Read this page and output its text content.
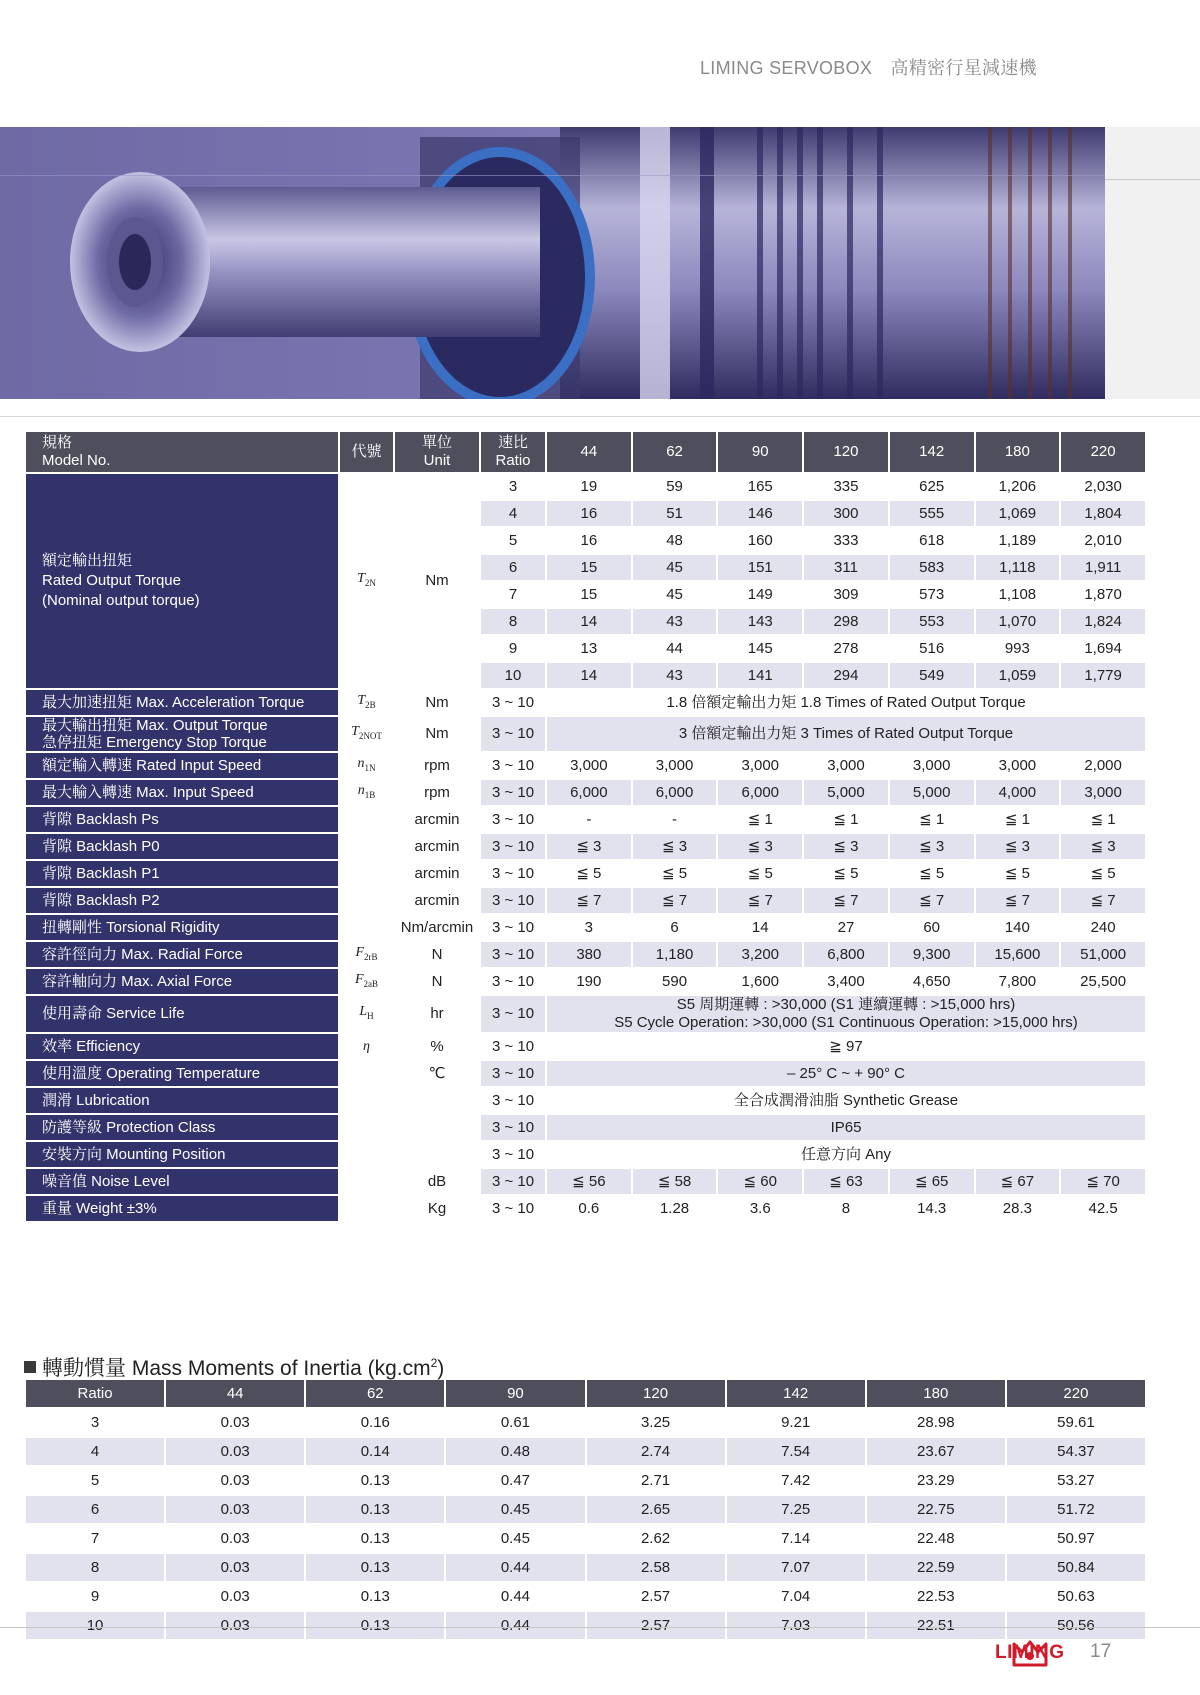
LIMING SERVOBOX　高精密行星減速機
規格
Model No.	代號	單位
Unit	速比
Ratio	44	62	90	120	142	180	220
額定輸出扭矩
Rated Output Torque
(Nominal output torque)	$T_{2N}$	Nm	3	19	59	165	335	625	1,206	2,030
			4	16	51	146	300	555	1,069	1,804
			5	16	48	160	333	618	1,189	2,010
			6	15	45	151	311	583	1,118	1,911
			7	15	45	149	309	573	1,108	1,870
			8	14	43	143	298	553	1,070	1,824
			9	13	44	145	278	516	993	1,694
			10	14	43	141	294	549	1,059	1,779
最大加速扭矩 Max. Acceleration Torque	$T_{2B}$	Nm	3 ~ 10	1.8 倍額定輸出力矩 1.8 Times of Rated Output Torque						
最大輸出扭矩 Max. Output Torque
急停扭矩 Emergency Stop Torque	$T_{2NOT}$	Nm	3 ~ 10	3 倍額定輸出力矩 3 Times of Rated Output Torque						
額定輸入轉速 Rated Input Speed	$n_{1N}$	rpm	3 ~ 10	3,000	3,000	3,000	3,000	3,000	3,000	2,000
最大輸入轉速 Max. Input Speed	$n_{1B}$	rpm	3 ~ 10	6,000	6,000	6,000	5,000	5,000	4,000	3,000
背隙 Backlash Ps		arcmin	3 ~ 10	-	-	≦ 1	≦ 1	≦ 1	≦ 1	≦ 1
背隙 Backlash P0		arcmin	3 ~ 10	≦ 3	≦ 3	≦ 3	≦ 3	≦ 3	≦ 3	≦ 3
背隙 Backlash P1		arcmin	3 ~ 10	≦ 5	≦ 5	≦ 5	≦ 5	≦ 5	≦ 5	≦ 5
背隙 Backlash P2		arcmin	3 ~ 10	≦ 7	≦ 7	≦ 7	≦ 7	≦ 7	≦ 7	≦ 7
扭轉剛性 Torsional Rigidity		Nm/arcmin	3 ~ 10	3	6	14	27	60	140	240
容許徑向力 Max. Radial Force	$F_{2rB}$	N	3 ~ 10	380	1,180	3,200	6,800	9,300	15,600	51,000
容許軸向力 Max. Axial Force	$F_{2aB}$	N	3 ~ 10	190	590	1,600	3,400	4,650	7,800	25,500
使用壽命 Service Life	$L_H$	hr	3 ~ 10	S5 周期運轉 : >30,000 (S1 連續運轉 : >15,000 hrs)
S5 Cycle Operation: >30,000 (S1 Continuous Operation: >15,000 hrs)						
效率 Efficiency	η	%	3 ~ 10	≧ 97						
使用溫度 Operating Temperature		℃	3 ~ 10	– 25° C ~ + 90° C						
潤滑 Lubrication			3 ~ 10	全合成潤滑油脂 Synthetic Grease						
防護等級 Protection Class			3 ~ 10	IP65						
安裝方向 Mounting Position			3 ~ 10	任意方向 Any						
噪音值 Noise Level		dB	3 ~ 10	≦ 56	≦ 58	≦ 60	≦ 63	≦ 65	≦ 67	≦ 70
重量 Weight ±3%		Kg	3 ~ 10	0.6	1.28	3.6	8	14.3	28.3	42.5
轉動慣量 Mass Moments of Inertia $(kg.cm^2)$
Ratio	44	62	90	120	142	180	220
3	0.03	0.16	0.61	3.25	9.21	28.98	59.61
4	0.03	0.14	0.48	2.74	7.54	23.67	54.37
5	0.03	0.13	0.47	2.71	7.42	23.29	53.27
6	0.03	0.13	0.45	2.65	7.25	22.75	51.72
7	0.03	0.13	0.45	2.62	7.14	22.48	50.97
8	0.03	0.13	0.44	2.58	7.07	22.59	50.84
9	0.03	0.13	0.44	2.57	7.04	22.53	50.63
10	0.03	0.13	0.44	2.57	7.03	22.51	50.56
LIMING 17
